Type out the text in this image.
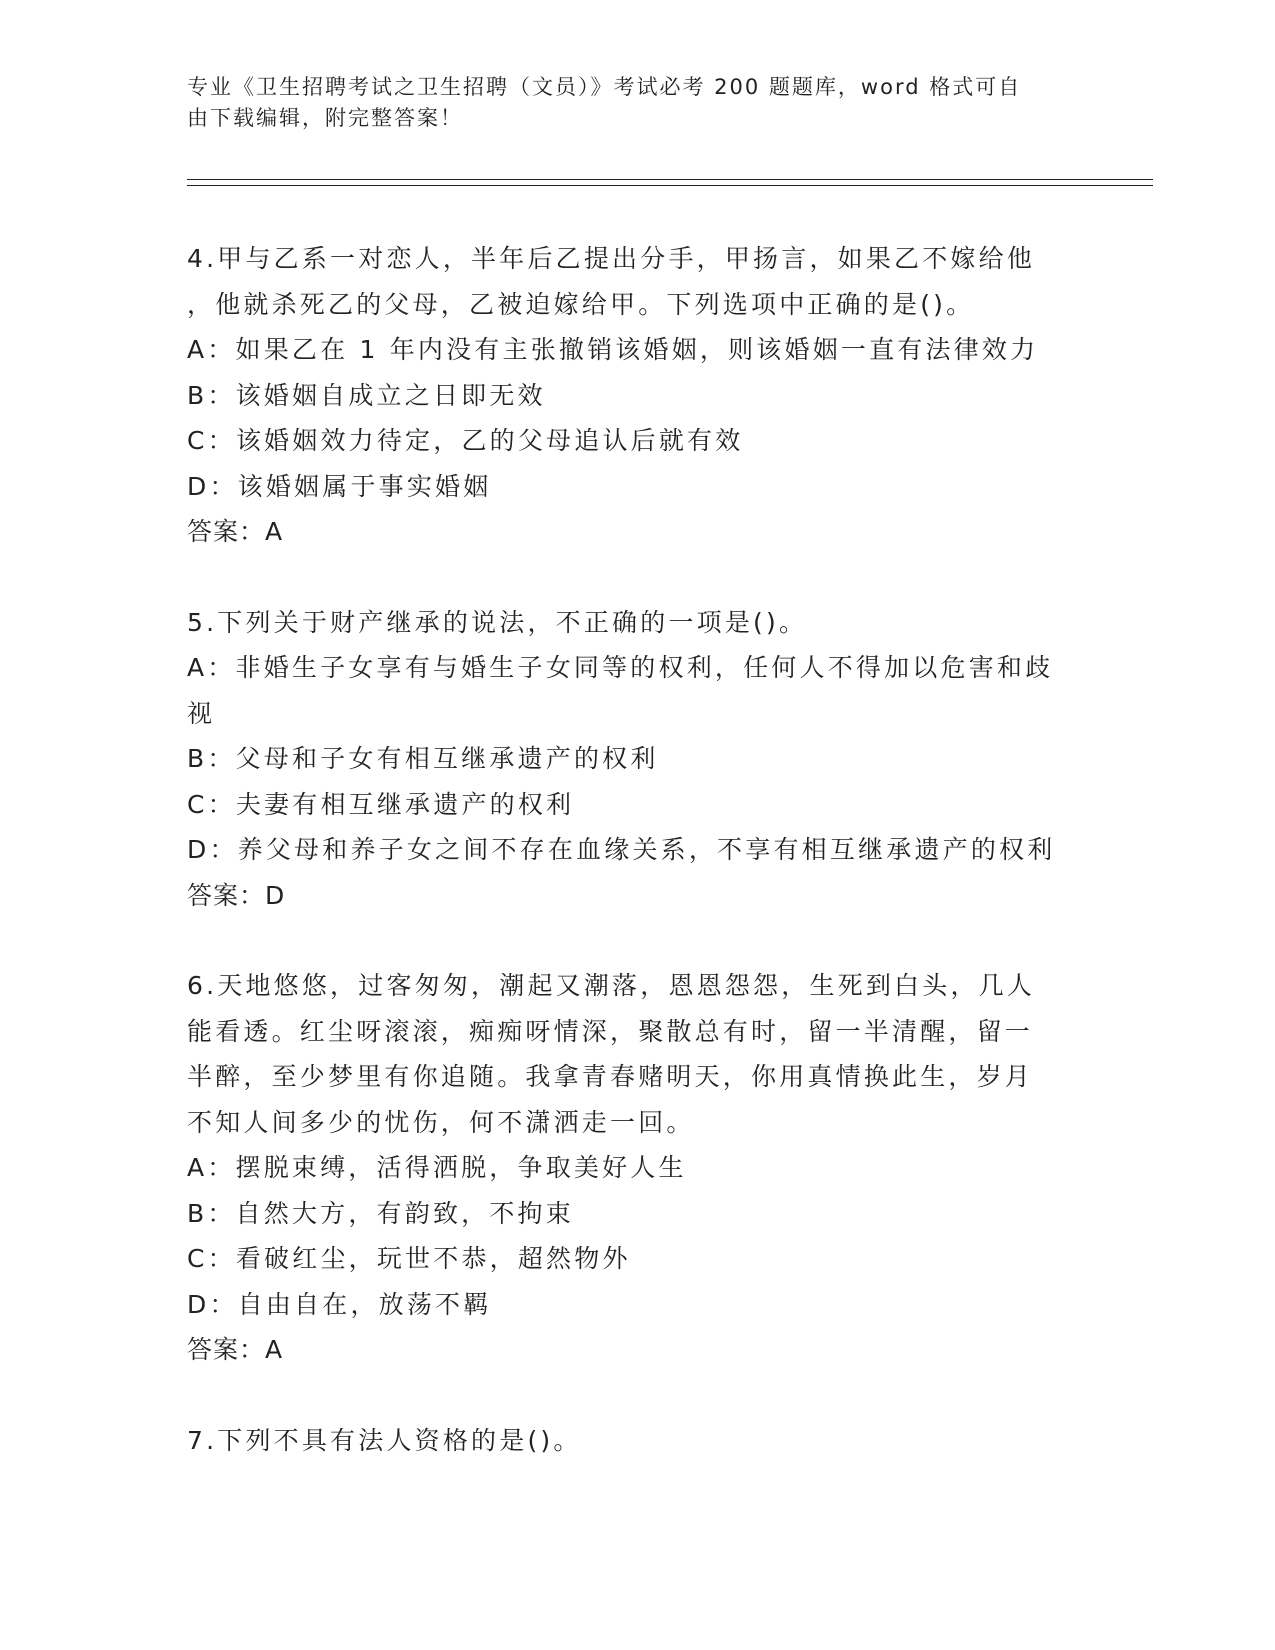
专业《卫生招聘考试之卫生招聘（文员）》考试必考 200 题题库，word 格式可自
由下载编辑，附完整答案！
4.甲与乙系一对恋人，半年后乙提出分手，甲扬言，如果乙不嫁给他
，他就杀死乙的父母，乙被迫嫁给甲。下列选项中正确的是()。
A：如果乙在 1 年内没有主张撤销该婚姻，则该婚姻一直有法律效力
B：该婚姻自成立之日即无效
C：该婚姻效力待定，乙的父母追认后就有效
D：该婚姻属于事实婚姻
答案：A
5.下列关于财产继承的说法，不正确的一项是()。
A：非婚生子女享有与婚生子女同等的权利，任何人不得加以危害和歧
视
B：父母和子女有相互继承遗产的权利
C：夫妻有相互继承遗产的权利
D：养父母和养子女之间不存在血缘关系，不享有相互继承遗产的权利
答案：D
6.天地悠悠，过客匆匆，潮起又潮落，恩恩怨怨，生死到白头，几人
能看透。红尘呀滚滚，痴痴呀情深，聚散总有时，留一半清醒，留一
半醉，至少梦里有你追随。我拿青春赌明天，你用真情换此生，岁月
不知人间多少的忧伤，何不潇洒走一回。
A：摆脱束缚，活得洒脱，争取美好人生
B：自然大方，有韵致，不拘束
C：看破红尘，玩世不恭，超然物外
D：自由自在，放荡不羁
答案：A
7.下列不具有法人资格的是()。
